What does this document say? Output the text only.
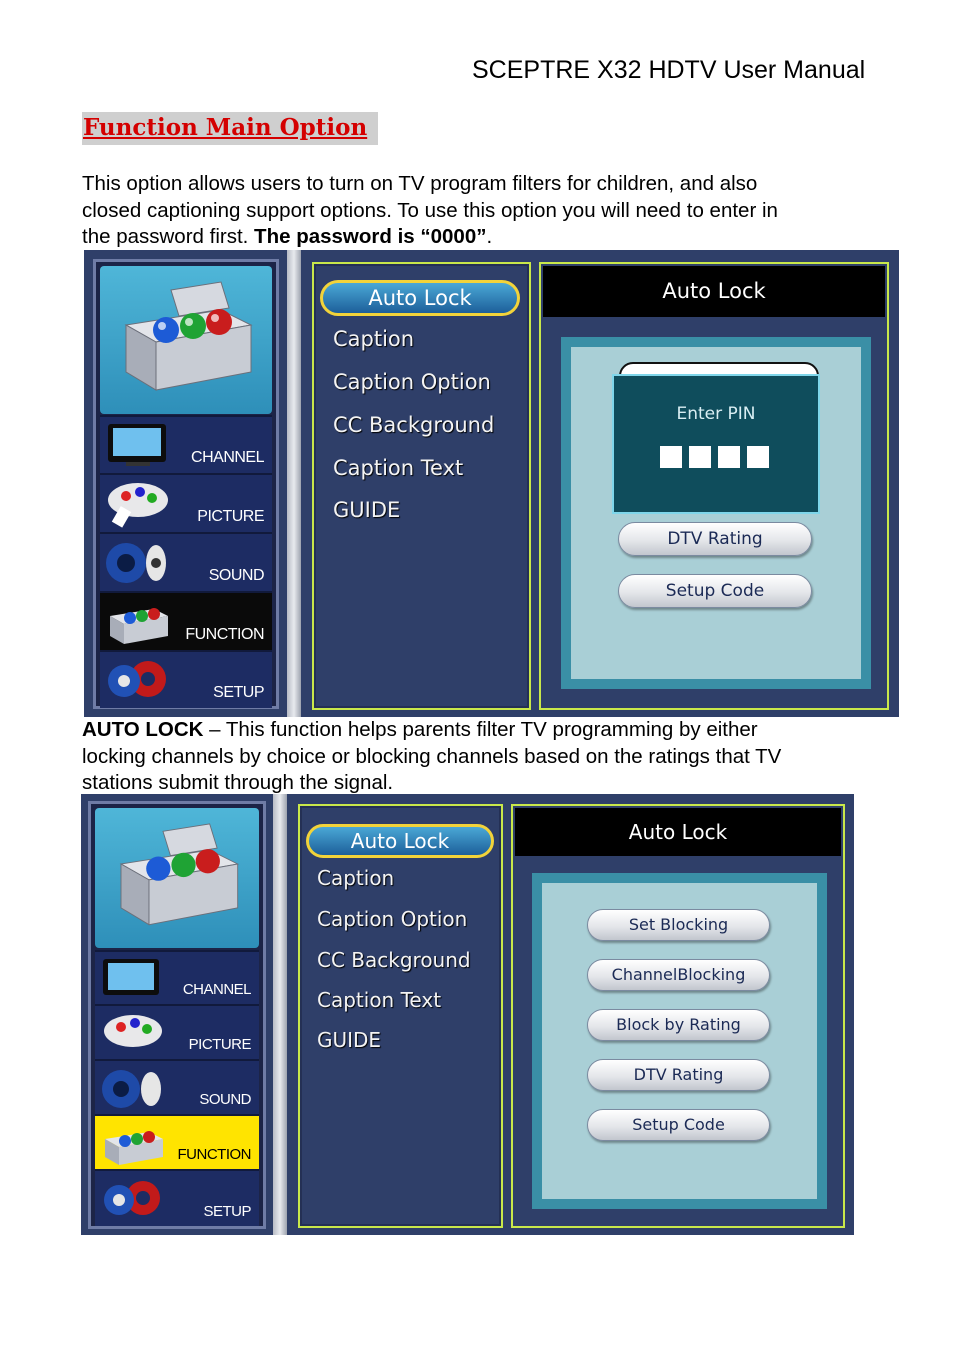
SCEPTRE X32 HDTV User Manual
Function Main Option

This option allows users to turn on TV program filters for children, and also

closed captioning support options. To use this option you will need to enter in

the password first. The password is “0000”.

CHANNEL
PICTURE
SOUND
FUNCTION
SETUP
Auto Lock
Caption
Caption Option
CC Background
Caption Text
GUIDE
Auto Lock
Enter PIN
DTV Rating
Setup Code

AUTO LOCK – This function helps parents filter TV programming by either

locking channels by choice or blocking channels based on the ratings that TV

stations submit through the signal.

CHANNEL
PICTURE
SOUND
FUNCTION
SETUP
Auto Lock
Caption
Caption Option
CC Background
Caption Text
GUIDE
Auto Lock
Set Blocking
ChannelBlocking
Block by Rating
DTV Rating
Setup Code
